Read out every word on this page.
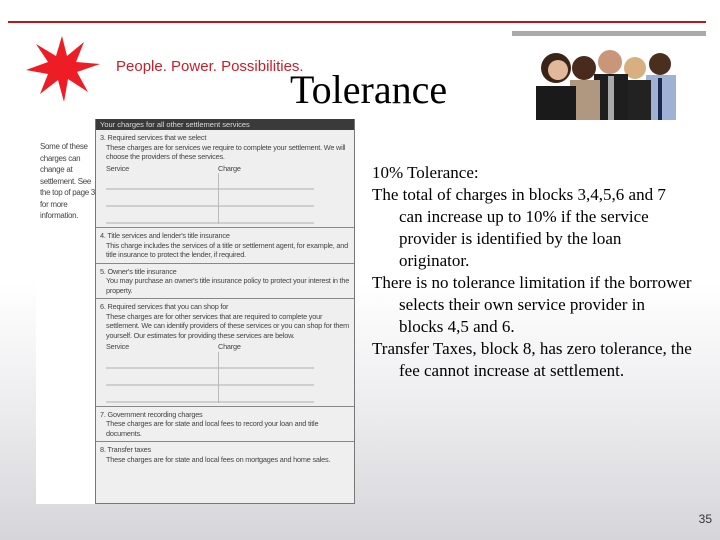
People. Power. Possibilities.
Tolerance
Some of these charges can change at settlement. See the top of page 3 for more information.
Your charges for all other settlement services
3. Required services that we select
These charges are for services we require to complete your settlement. We will choose the providers of these services.
Service	Charge
4. Title services and lender's title insurance
This charge includes the services of a title or settlement agent, for example, and title insurance to protect the lender, if required.
5. Owner's title insurance
You may purchase an owner's title insurance policy to protect your interest in the property.
6. Required services that you can shop for
These charges are for other services that are required to complete your settlement. We can identify providers of these services or you can shop for them yourself. Our estimates for providing these services are below.
Service	Charge
7. Government recording charges
These charges are for state and local fees to record your loan and title documents.
8. Transfer taxes
These charges are for state and local fees on mortgages and home sales.
10% Tolerance:
The total of charges in blocks 3,4,5,6 and 7 can increase up to 10% if the service provider is identified by the loan originator.
There is no tolerance limitation if the borrower selects their own service provider in blocks 4,5 and 6.
Transfer Taxes, block 8, has zero tolerance, the fee cannot increase at settlement.
35
